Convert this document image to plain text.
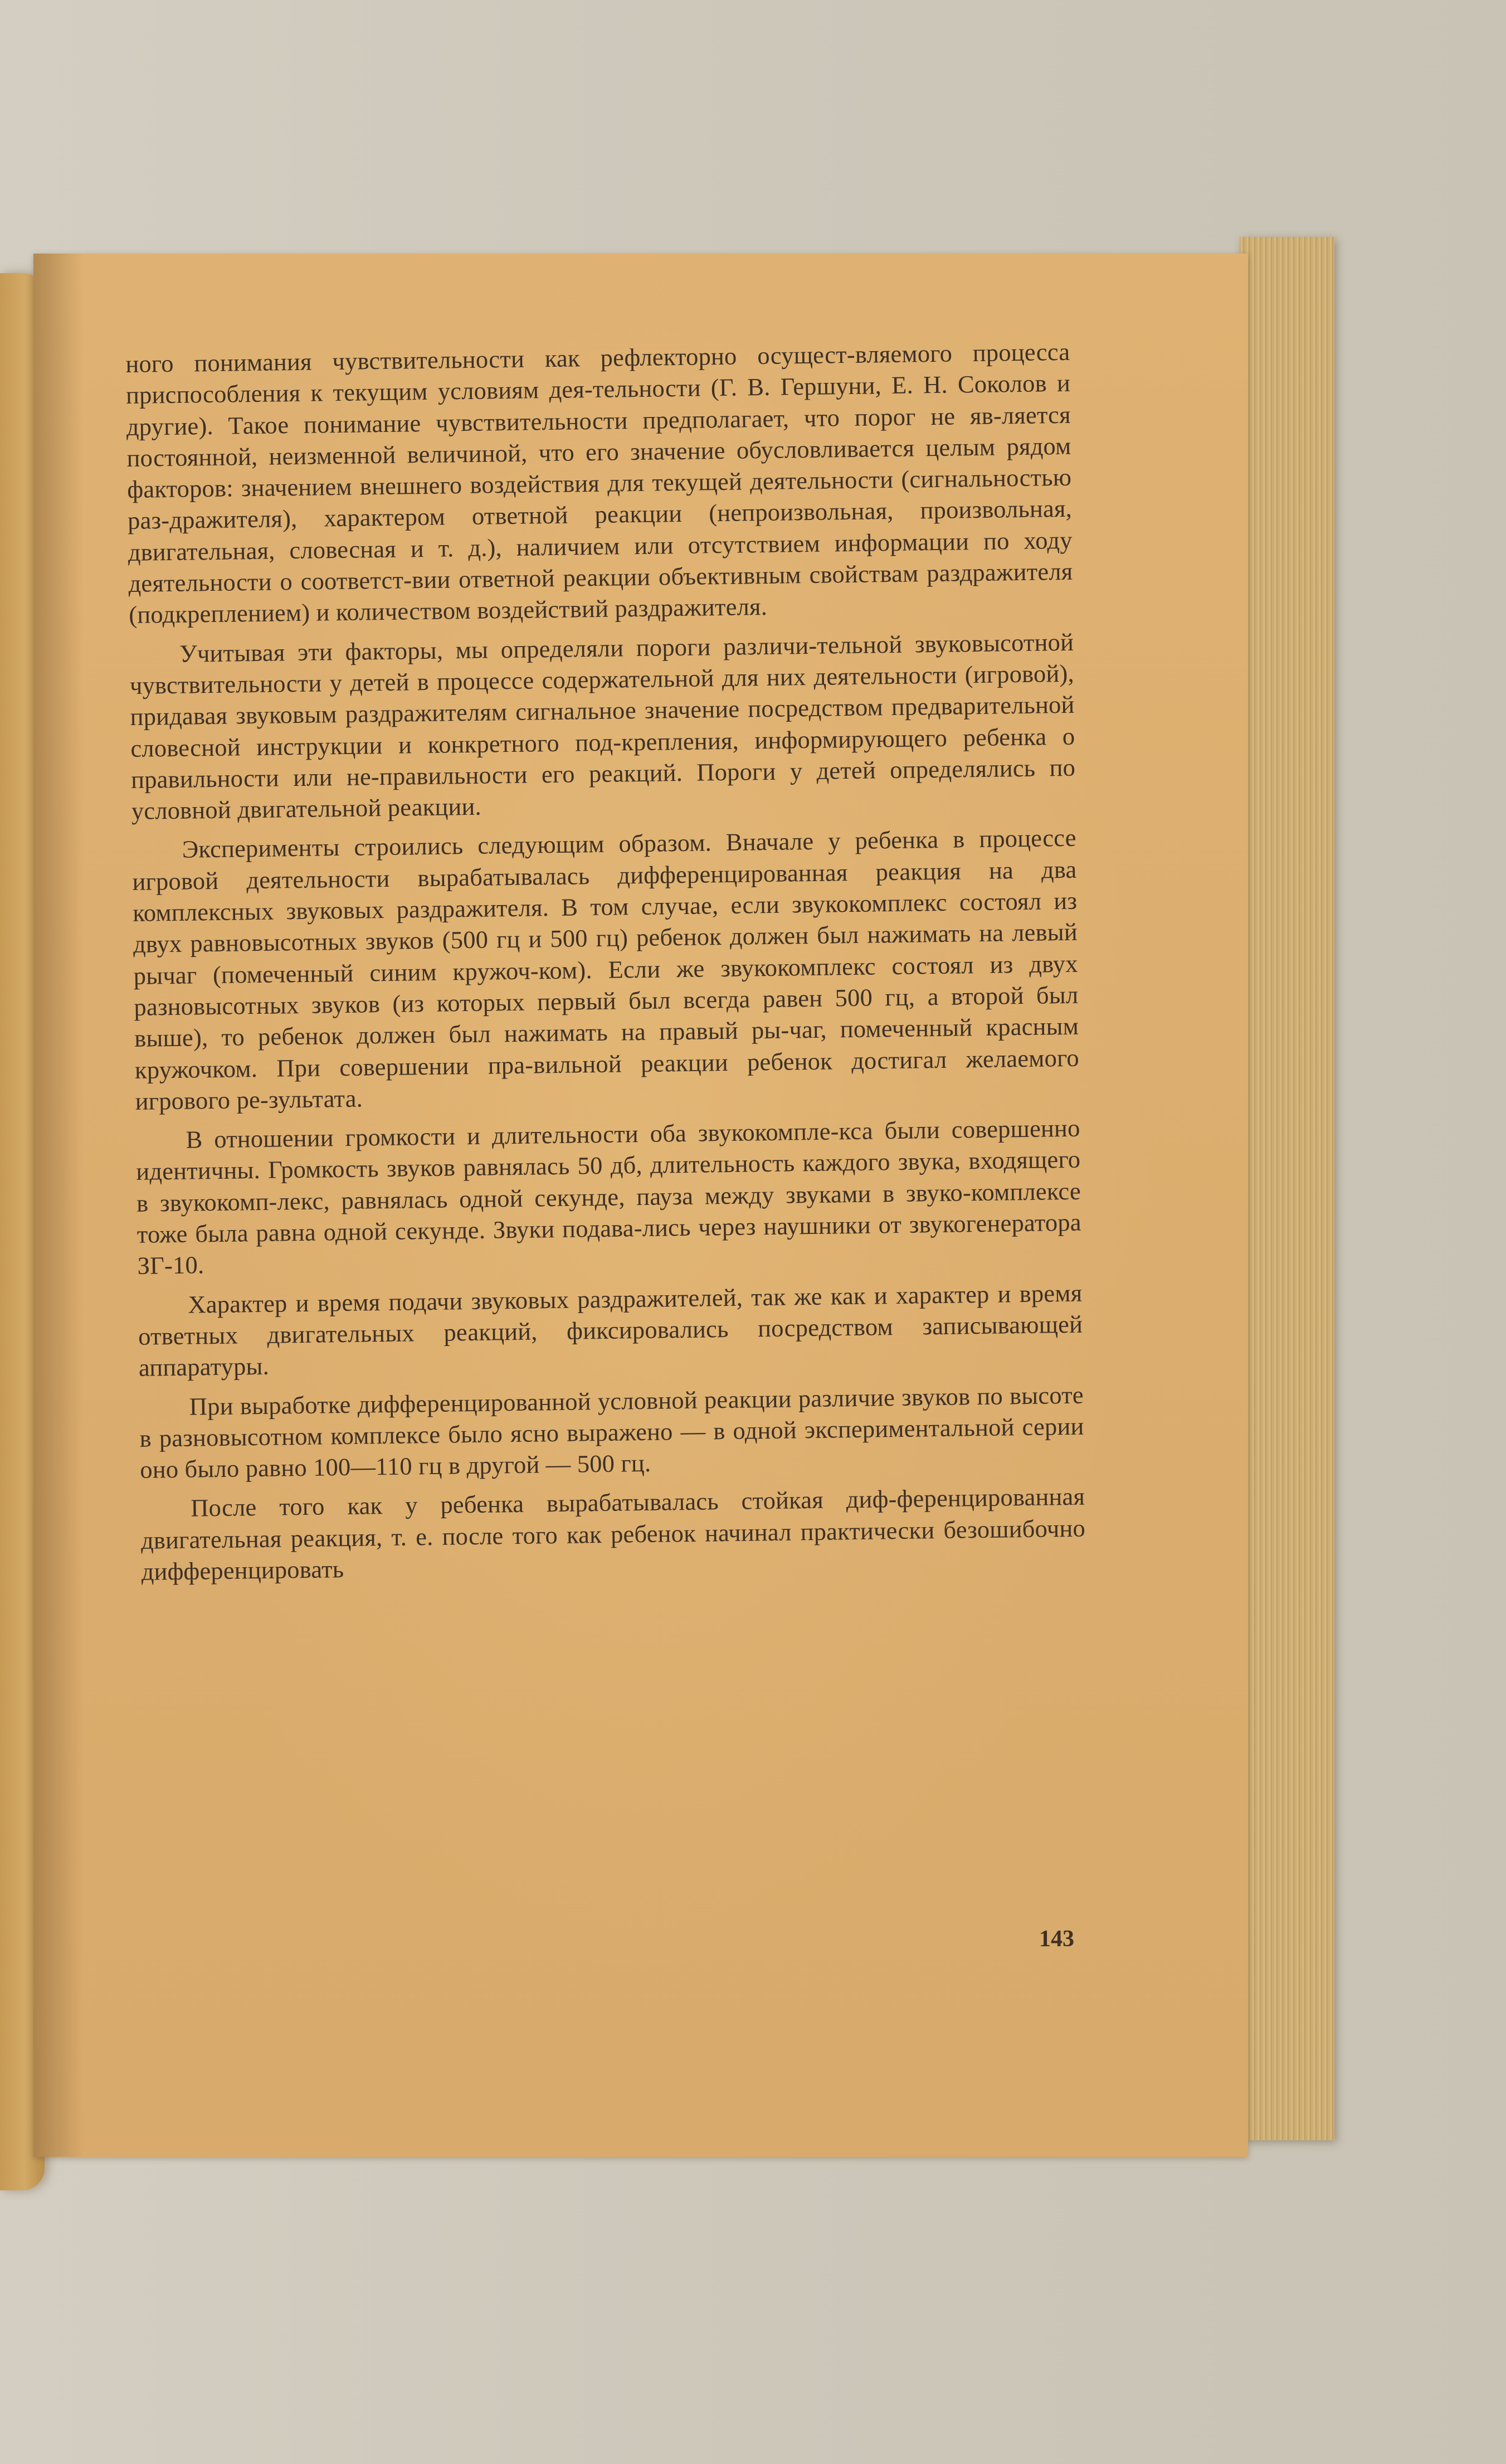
ного понимания чувствительности как рефлекторно осущест-вляемого процесса приспособления к текущим условиям дея-тельности (Г. В. Гершуни, Е. Н. Соколов и другие). Такое понимание чувствительности предполагает, что порог не яв-ляется постоянной, неизменной величиной, что его значение обусловливается целым рядом факторов: значением внешнего воздействия для текущей деятельности (сигнальностью раз-дражителя), характером ответной реакции (непроизвольная, произвольная, двигательная, словесная и т. д.), наличием или отсутствием информации по ходу деятельности о соответст-вии ответной реакции объективным свойствам раздражителя (подкреплением) и количеством воздействий раздражителя.

Учитывая эти факторы, мы определяли пороги различи-тельной звуковысотной чувствительности у детей в процессе содержательной для них деятельности (игровой), придавая звуковым раздражителям сигнальное значение посредством предварительной словесной инструкции и конкретного под-крепления, информирующего ребенка о правильности или не-правильности его реакций. Пороги у детей определялись по условной двигательной реакции.

Эксперименты строились следующим образом. Вначале у ребенка в процессе игровой деятельности вырабатывалась дифференцированная реакция на два комплексных звуковых раздражителя. В том случае, если звукокомплекс состоял из двух равновысотных звуков (500 гц и 500 гц) ребенок должен был нажимать на левый рычаг (помеченный синим кружоч-ком). Если же звукокомплекс состоял из двух разновысотных звуков (из которых первый был всегда равен 500 гц, а второй был выше), то ребенок должен был нажимать на правый ры-чаг, помеченный красным кружочком. При совершении пра-вильной реакции ребенок достигал желаемого игрового ре-зультата.

В отношении громкости и длительности оба звукокомпле-кса были совершенно идентичны. Громкость звуков равнялась 50 дб, длительность каждого звука, входящего в звукокомп-лекс, равнялась одной секунде, пауза между звуками в звуко-комплексе тоже была равна одной секунде. Звуки подава-лись через наушники от звукогенератора ЗГ-10.

Характер и время подачи звуковых раздражителей, так же как и характер и время ответных двигательных реакций, фиксировались посредством записывающей аппаратуры.

При выработке дифференцированной условной реакции различие звуков по высоте в разновысотном комплексе было ясно выражено — в одной экспериментальной серии оно было равно 100—110 гц в другой — 500 гц.

После того как у ребенка вырабатывалась стойкая диф-ференцированная двигательная реакция, т. е. после того как ребенок начинал практически безошибочно дифференцировать

143
